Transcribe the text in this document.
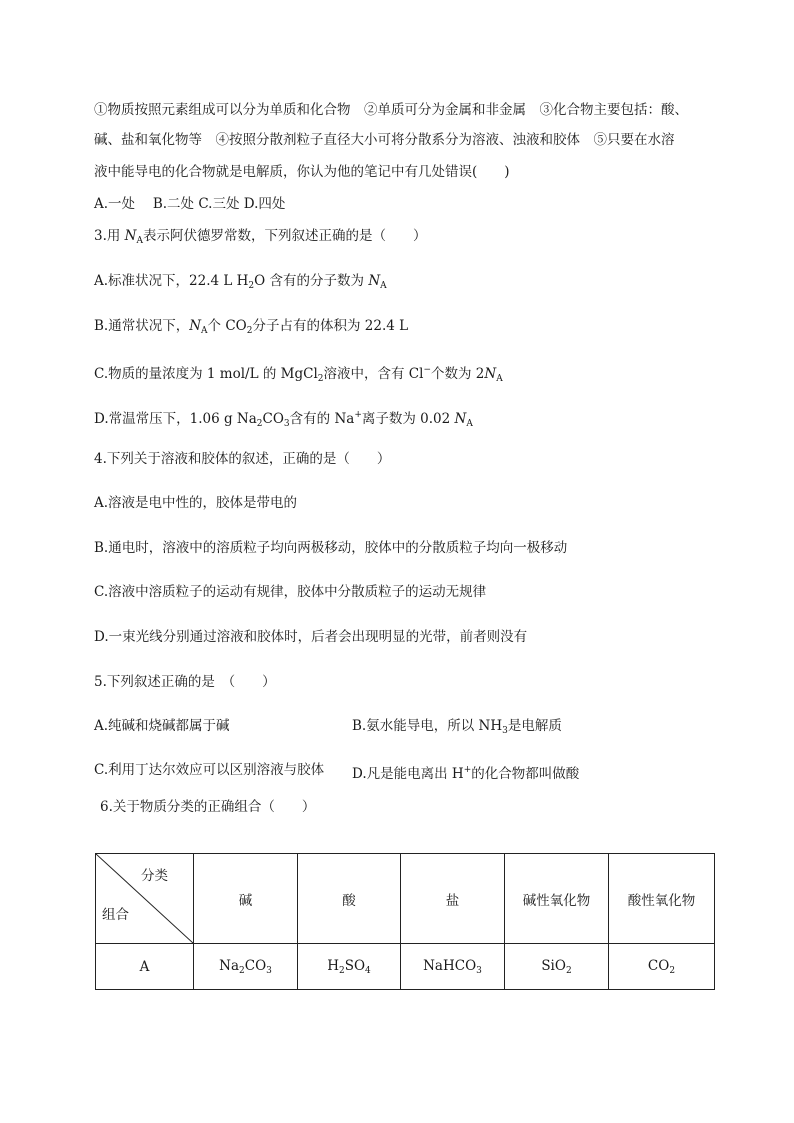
①物质按照元素组成可以分为单质和化合物　②单质可分为金属和非金属　③化合物主要包括：酸、
碱、盐和氧化物等　④按照分散剂粒子直径大小可将分散系分为溶液、浊液和胶体　⑤只要在水溶
液中能导电的化合物就是电解质，你认为他的笔记中有几处错误(　　)
A.一处　 B.二处 C.三处 D.四处
3.用 $N_A$表示阿伏德罗常数，下列叙述正确的是（　　）
A.标准状况下，22.4 L $H_2O$ 含有的分子数为 $N_A$
B.通常状况下，$N_A$个 $CO_2$分子占有的体积为 22.4 L
C.物质的量浓度为 1 mol/L 的 MgCl$_2$溶液中，含有 Cl−个数为 $2N_A$
D.常温常压下，1.06 g $Na_2CO_3$含有的 Na+离子数为 0.02 $N_A$
4.下列关于溶液和胶体的叙述，正确的是（　　）
A.溶液是电中性的，胶体是带电的
B.通电时，溶液中的溶质粒子均向两极移动，胶体中的分散质粒子均向一极移动
C.溶液中溶质粒子的运动有规律，胶体中分散质粒子的运动无规律
D.一束光线分别通过溶液和胶体时，后者会出现明显的光带，前者则没有
5.下列叙述正确的是　（　　）
A.纯碱和烧碱都属于碱	B.氨水能导电，所以 $NH_3$是电解质
C.利用丁达尔效应可以区别溶液与胶体 D.凡是能电离出 H+的化合物都叫做酸
6.关于物质分类的正确组合（　　）
分类
组合	碱	酸	盐	碱性氧化物	酸性氧化物
A	$Na_2CO_3$	$H_2SO_4$	NaHCO$_3$	SiO$_2$	$CO_2$
